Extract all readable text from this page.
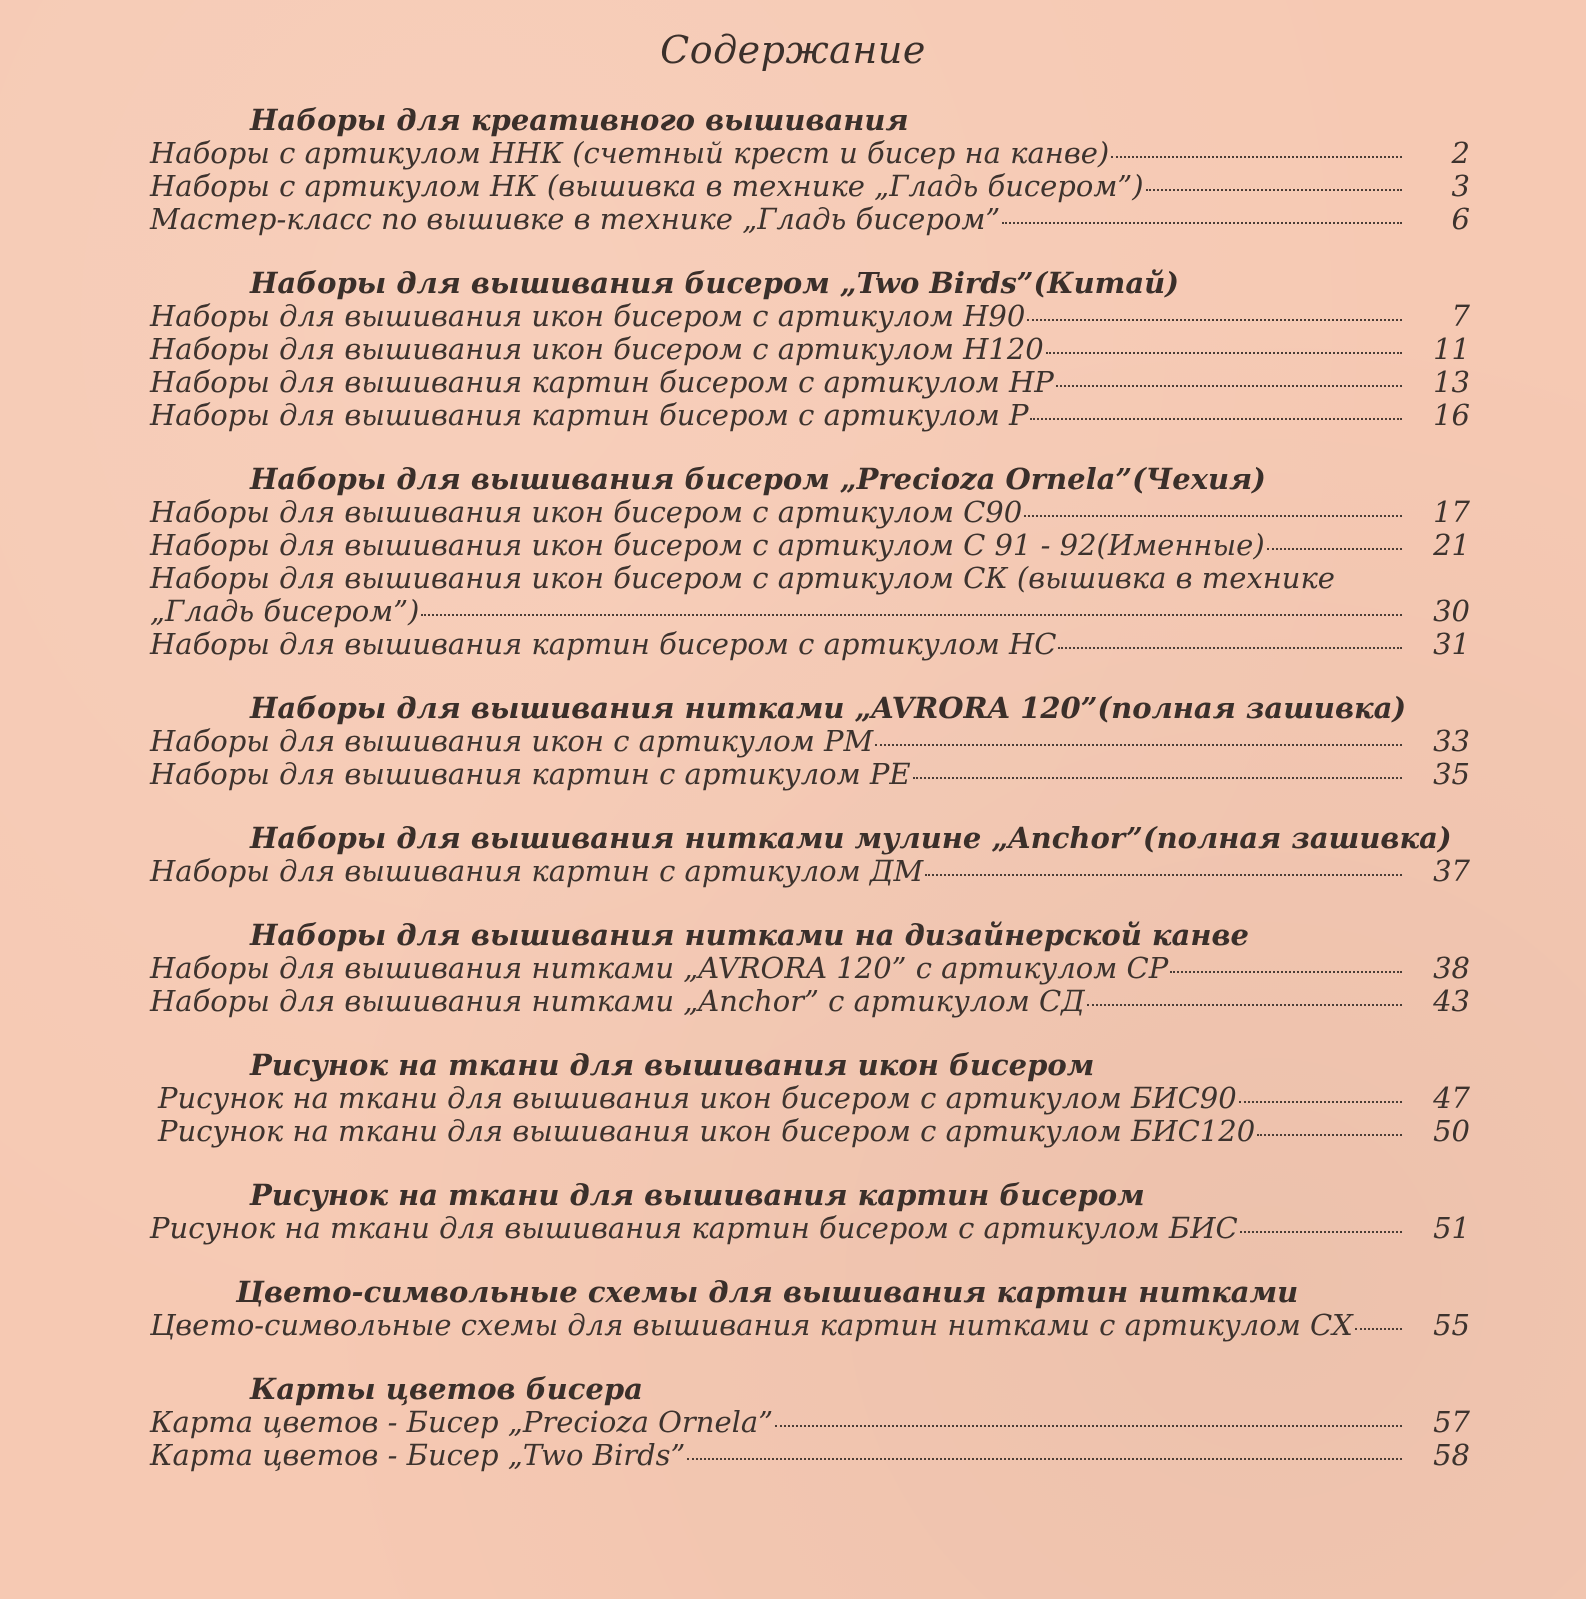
Содержание
Наборы для креативного вышивания
Наборы с артикулом ННК (счетный крест и бисер на канве)	2
Наборы с артикулом НК (вышивка в технике „Гладь бисером”)	3
Мастер-класс по вышивке в технике „Гладь бисером”	6
Наборы для вышивания бисером „Two Birds”(Китай)
Наборы для вышивания икон бисером с артикулом Н90	7
Наборы для вышивания икон бисером с артикулом Н120	11
Наборы для вышивания картин бисером с артикулом НР	13
Наборы для вышивания картин бисером с артикулом Р	16
Наборы для вышивания бисером „Precioza Ornela”(Чехия)
Наборы для вышивания икон бисером с артикулом С90	17
Наборы для вышивания икон бисером с артикулом С 91 - 92(Именные)	21
Наборы для вышивания икон бисером с артикулом СК (вышивка в технике
„Гладь бисером”)	30
Наборы для вышивания картин бисером с артикулом НС	31
Наборы для вышивания нитками „AVRORA 120”(полная зашивка)
Наборы для вышивания икон с артикулом РМ	33
Наборы для вышивания картин с артикулом РЕ	35
Наборы для вышивания нитками мулине „Anchor”(полная зашивка)
Наборы для вышивания картин с артикулом ДМ	37
Наборы для вышивания нитками на дизайнерской канве
Наборы для вышивания нитками „AVRORA 120” с артикулом СР	38
Наборы для вышивания нитками „Anchor” с артикулом СД	43
Рисунок на ткани для вышивания икон бисером
Рисунок на ткани для вышивания икон бисером с артикулом БИС90	47
Рисунок на ткани для вышивания икон бисером с артикулом БИС120	50
Рисунок на ткани для вышивания картин бисером
Рисунок на ткани для вышивания картин бисером с артикулом БИС	51
Цвето-символьные схемы для вышивания картин нитками
Цвето-символьные схемы для вышивания картин нитками с артикулом СХ	55
Карты цветов бисера
Карта цветов - Бисер „Precioza Ornela”	57
Карта цветов - Бисер „Two Birds”	58
